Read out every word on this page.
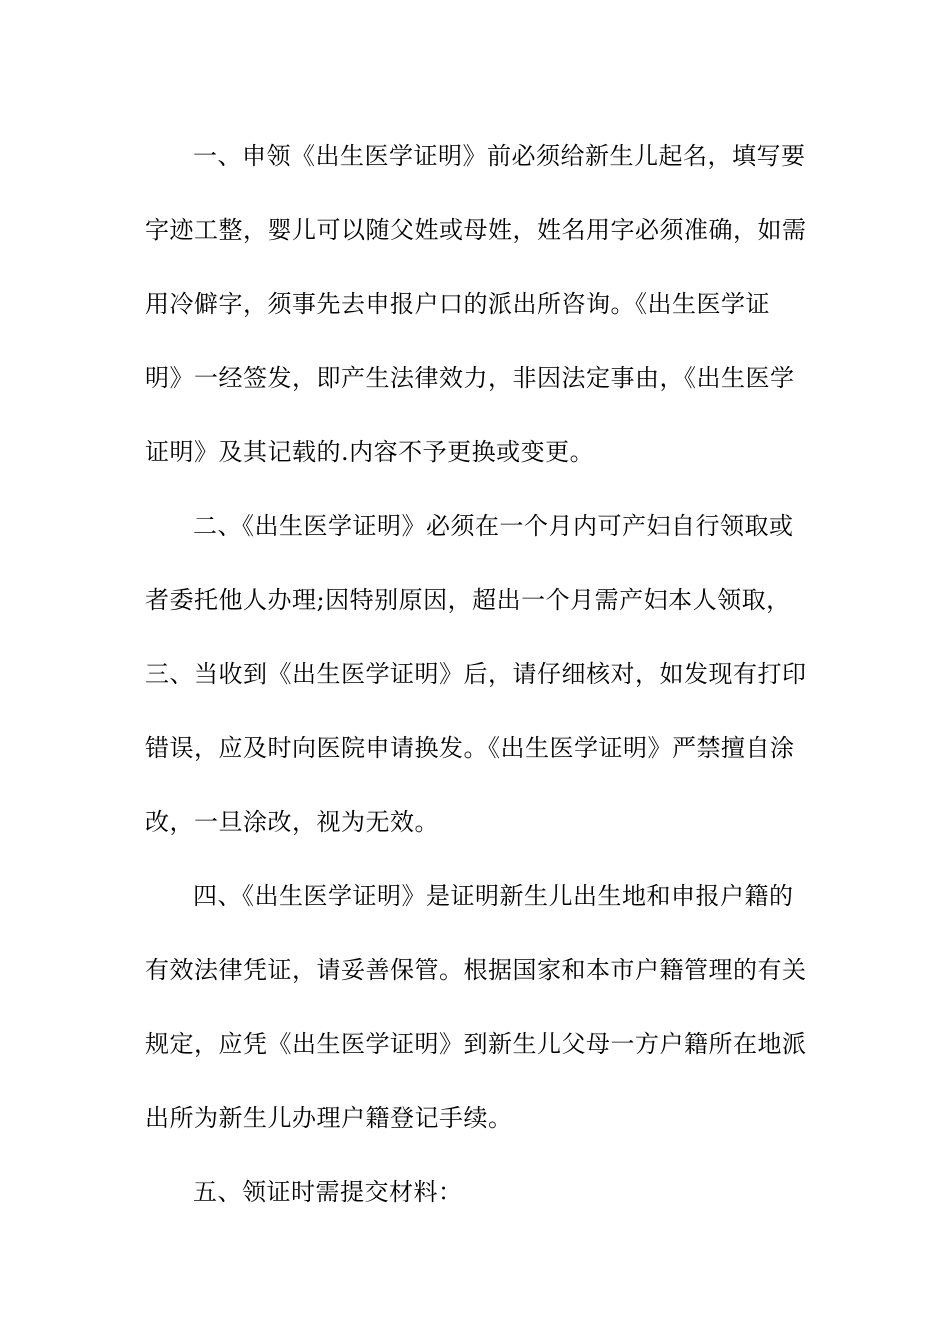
一、申领《出生医学证明》前必须给新生儿起名，填写要
字迹工整，婴儿可以随父姓或母姓，姓名用字必须准确，如需
用冷僻字，须事先去申报户口的派出所咨询。《出生医学证
明》一经签发，即产生法律效力，非因法定事由，《出生医学
证明》及其记载的.内容不予更换或变更。
二、《出生医学证明》必须在一个月内可产妇自行领取或
者委托他人办理;因特别原因，超出一个月需产妇本人领取，
三、当收到《出生医学证明》后，请仔细核对，如发现有打印
错误，应及时向医院申请换发。《出生医学证明》严禁擅自涂
改，一旦涂改，视为无效。
四、《出生医学证明》是证明新生儿出生地和申报户籍的
有效法律凭证，请妥善保管。根据国家和本市户籍管理的有关
规定，应凭《出生医学证明》到新生儿父母一方户籍所在地派
出所为新生儿办理户籍登记手续。
五、领证时需提交材料：
